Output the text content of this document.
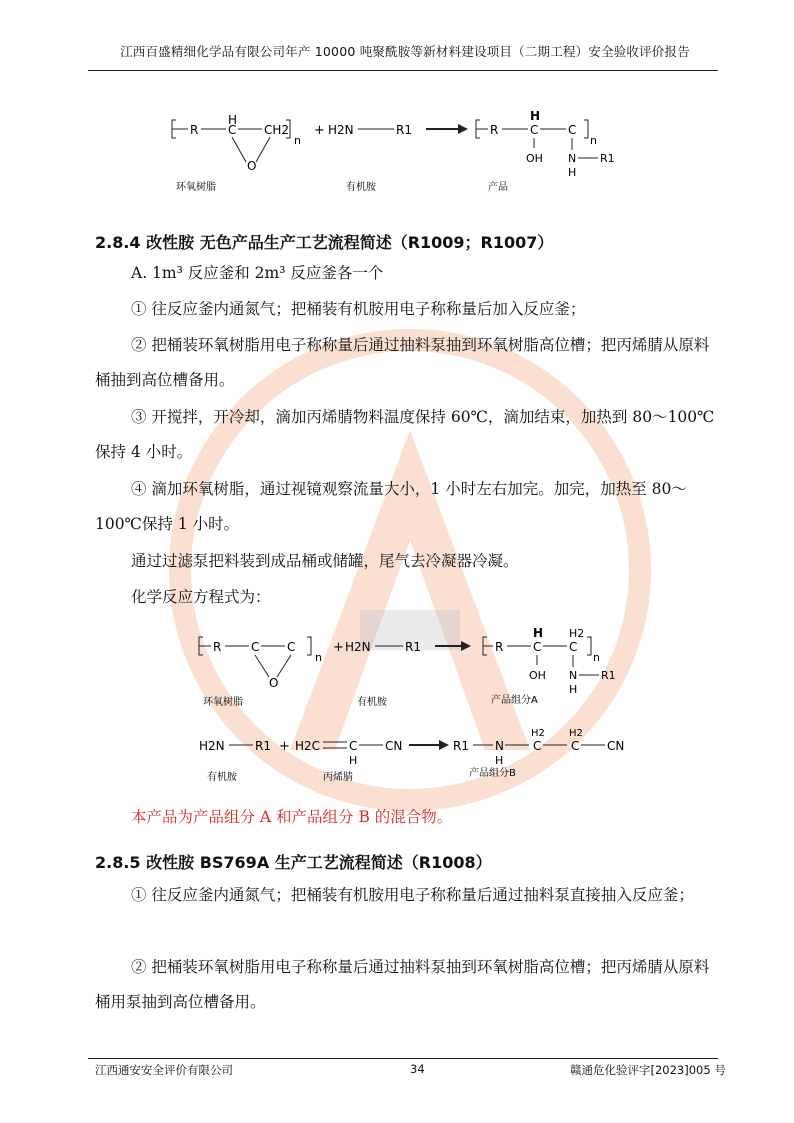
江西百盛精细化学品有限公司年产 10000 吨聚酰胺等新材料建设项目（二期工程）安全验收评价报告
R
H
C CH2
O
n
+ H2N	R1	R
H
C
OH
C
N
H
R1
n
环氧树脂	有机胺	产品
2.8.4 改性胺 无色产品生产工艺流程简述（R1009；R1007）
A. 1m³ 反应釜和 2m³ 反应釜各一个
① 往反应釜内通氮气；把桶装有机胺用电子称称量后加入反应釜；
② 把桶装环氧树脂用电子称称量后通过抽料泵抽到环氧树脂高位槽；把丙烯腈从原料桶抽到高位槽备用。
③ 开搅拌，开冷却，滴加丙烯腈物料温度保持 60℃，滴加结束，加热到 80～100℃保持 4 小时。
④ 滴加环氧树脂，通过视镜观察流量大小，1 小时左右加完。加完，加热至 80～100℃保持 1 小时。
通过过滤泵把料装到成品桶或储罐，尾气去冷凝器冷凝。
化学反应方程式为：
R C C
O
n
+ H2N	R1	R
H
C
OH
H2
C
N
H
R1
n
环氧树脂	有机胺	产品组分A
H2N	R1 + H2C C
H
CN	R1 N
H
H2
C
H2
C CN
有机胺	丙烯腈	产品组分B
本产品为产品组分 A 和产品组分 B 的混合物。
2.8.5 改性胺 BS769A 生产工艺流程简述（R1008）
① 往反应釜内通氮气；把桶装有机胺用电子称称量后通过抽料泵直接抽入反应釜；
② 把桶装环氧树脂用电子称称量后通过抽料泵抽到环氧树脂高位槽；把丙烯腈从原料桶用泵抽到高位槽备用。
江西通安安全评价有限公司	34	赣通危化验评字[2023]005 号
